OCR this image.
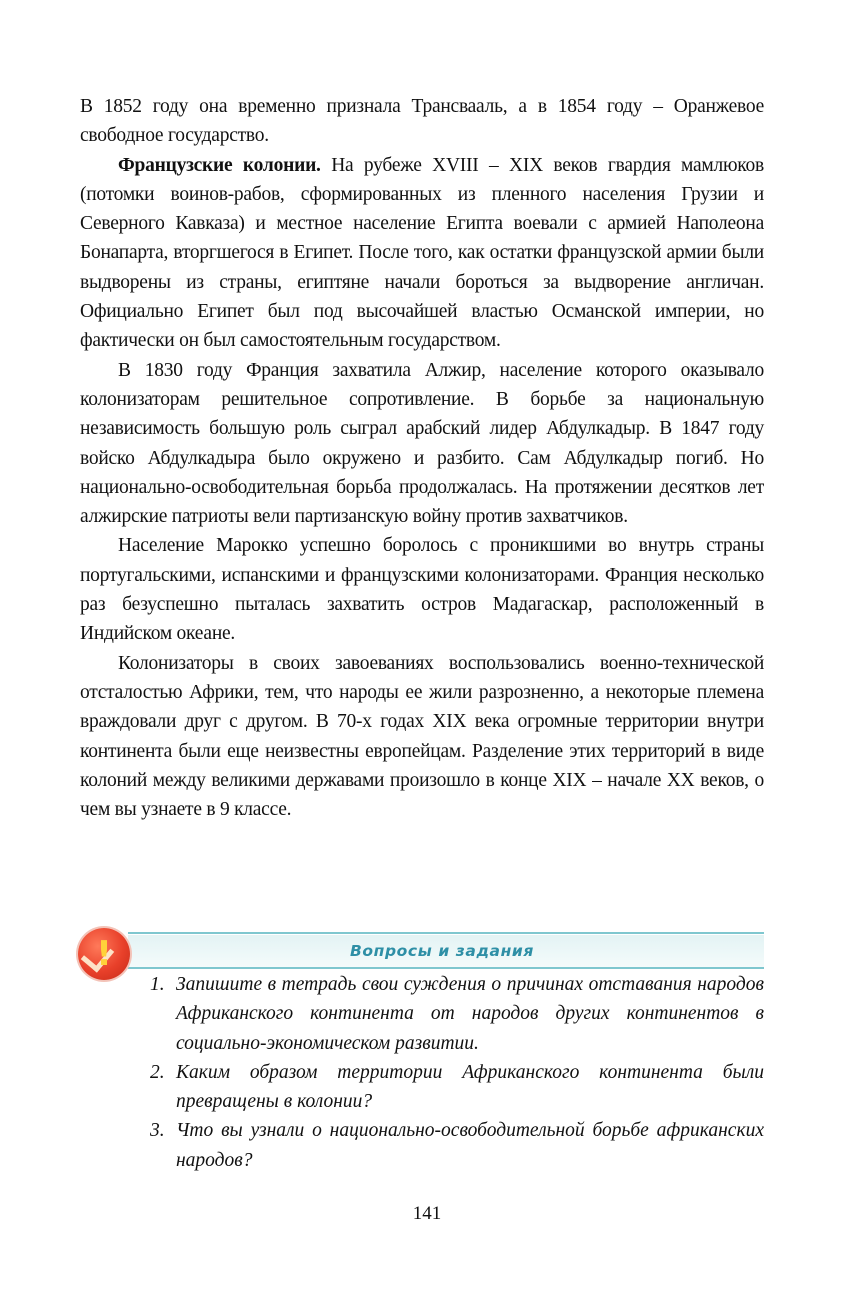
В 1852 году она временно признала Трансвааль, а в 1854 году – Оранжевое свободное государство.

Французские колонии. На рубеже XVIII – XIX веков гвардия мамлюков (потомки воинов-рабов, сформированных из пленного населения Грузии и Северного Кавказа) и местное население Египта воевали с армией Наполеона Бонапарта, вторгшегося в Египет. После того, как остатки французской армии были выдворены из страны, египтяне начали бороться за выдворение англичан. Официально Египет был под высочайшей властью Османской империи, но фактически он был самостоятельным государством.

В 1830 году Франция захватила Алжир, население которого оказывало колонизаторам решительное сопротивление. В борьбе за национальную независимость большую роль сыграл арабский лидер Абдулкадыр. В 1847 году войско Абдулкадыра было окружено и разбито. Сам Абдулкадыр погиб. Но национально-освободительная борьба продолжалась. На протяжении десятков лет алжирские патриоты вели партизанскую войну против захватчиков.

Население Марокко успешно боролось с проникшими во внутрь страны португальскими, испанскими и французскими колонизаторами. Франция несколько раз безуспешно пыталась захватить остров Мадагаскар, расположенный в Индийском океане.

Колонизаторы в своих завоеваниях воспользовались военно-технической отсталостью Африки, тем, что народы ее жили разрозненно, а некоторые племена враждовали друг с другом. В 70-х годах XIX века огромные территории внутри континента были еще неизвестны европейцам. Разделение этих территорий в виде колоний между великими державами произошло в конце XIX – начале XX веков, о чем вы узнаете в 9 классе.

Вопросы и задания
!
1. Запишите в тетрадь свои суждения о причинах отставания народов Африканского континента от народов других континентов в социально-экономическом развитии.
2. Каким образом территории Африканского континента были превращены в колонии?
3. Что вы узнали о национально-освободительной борьбе африканских народов?
141
